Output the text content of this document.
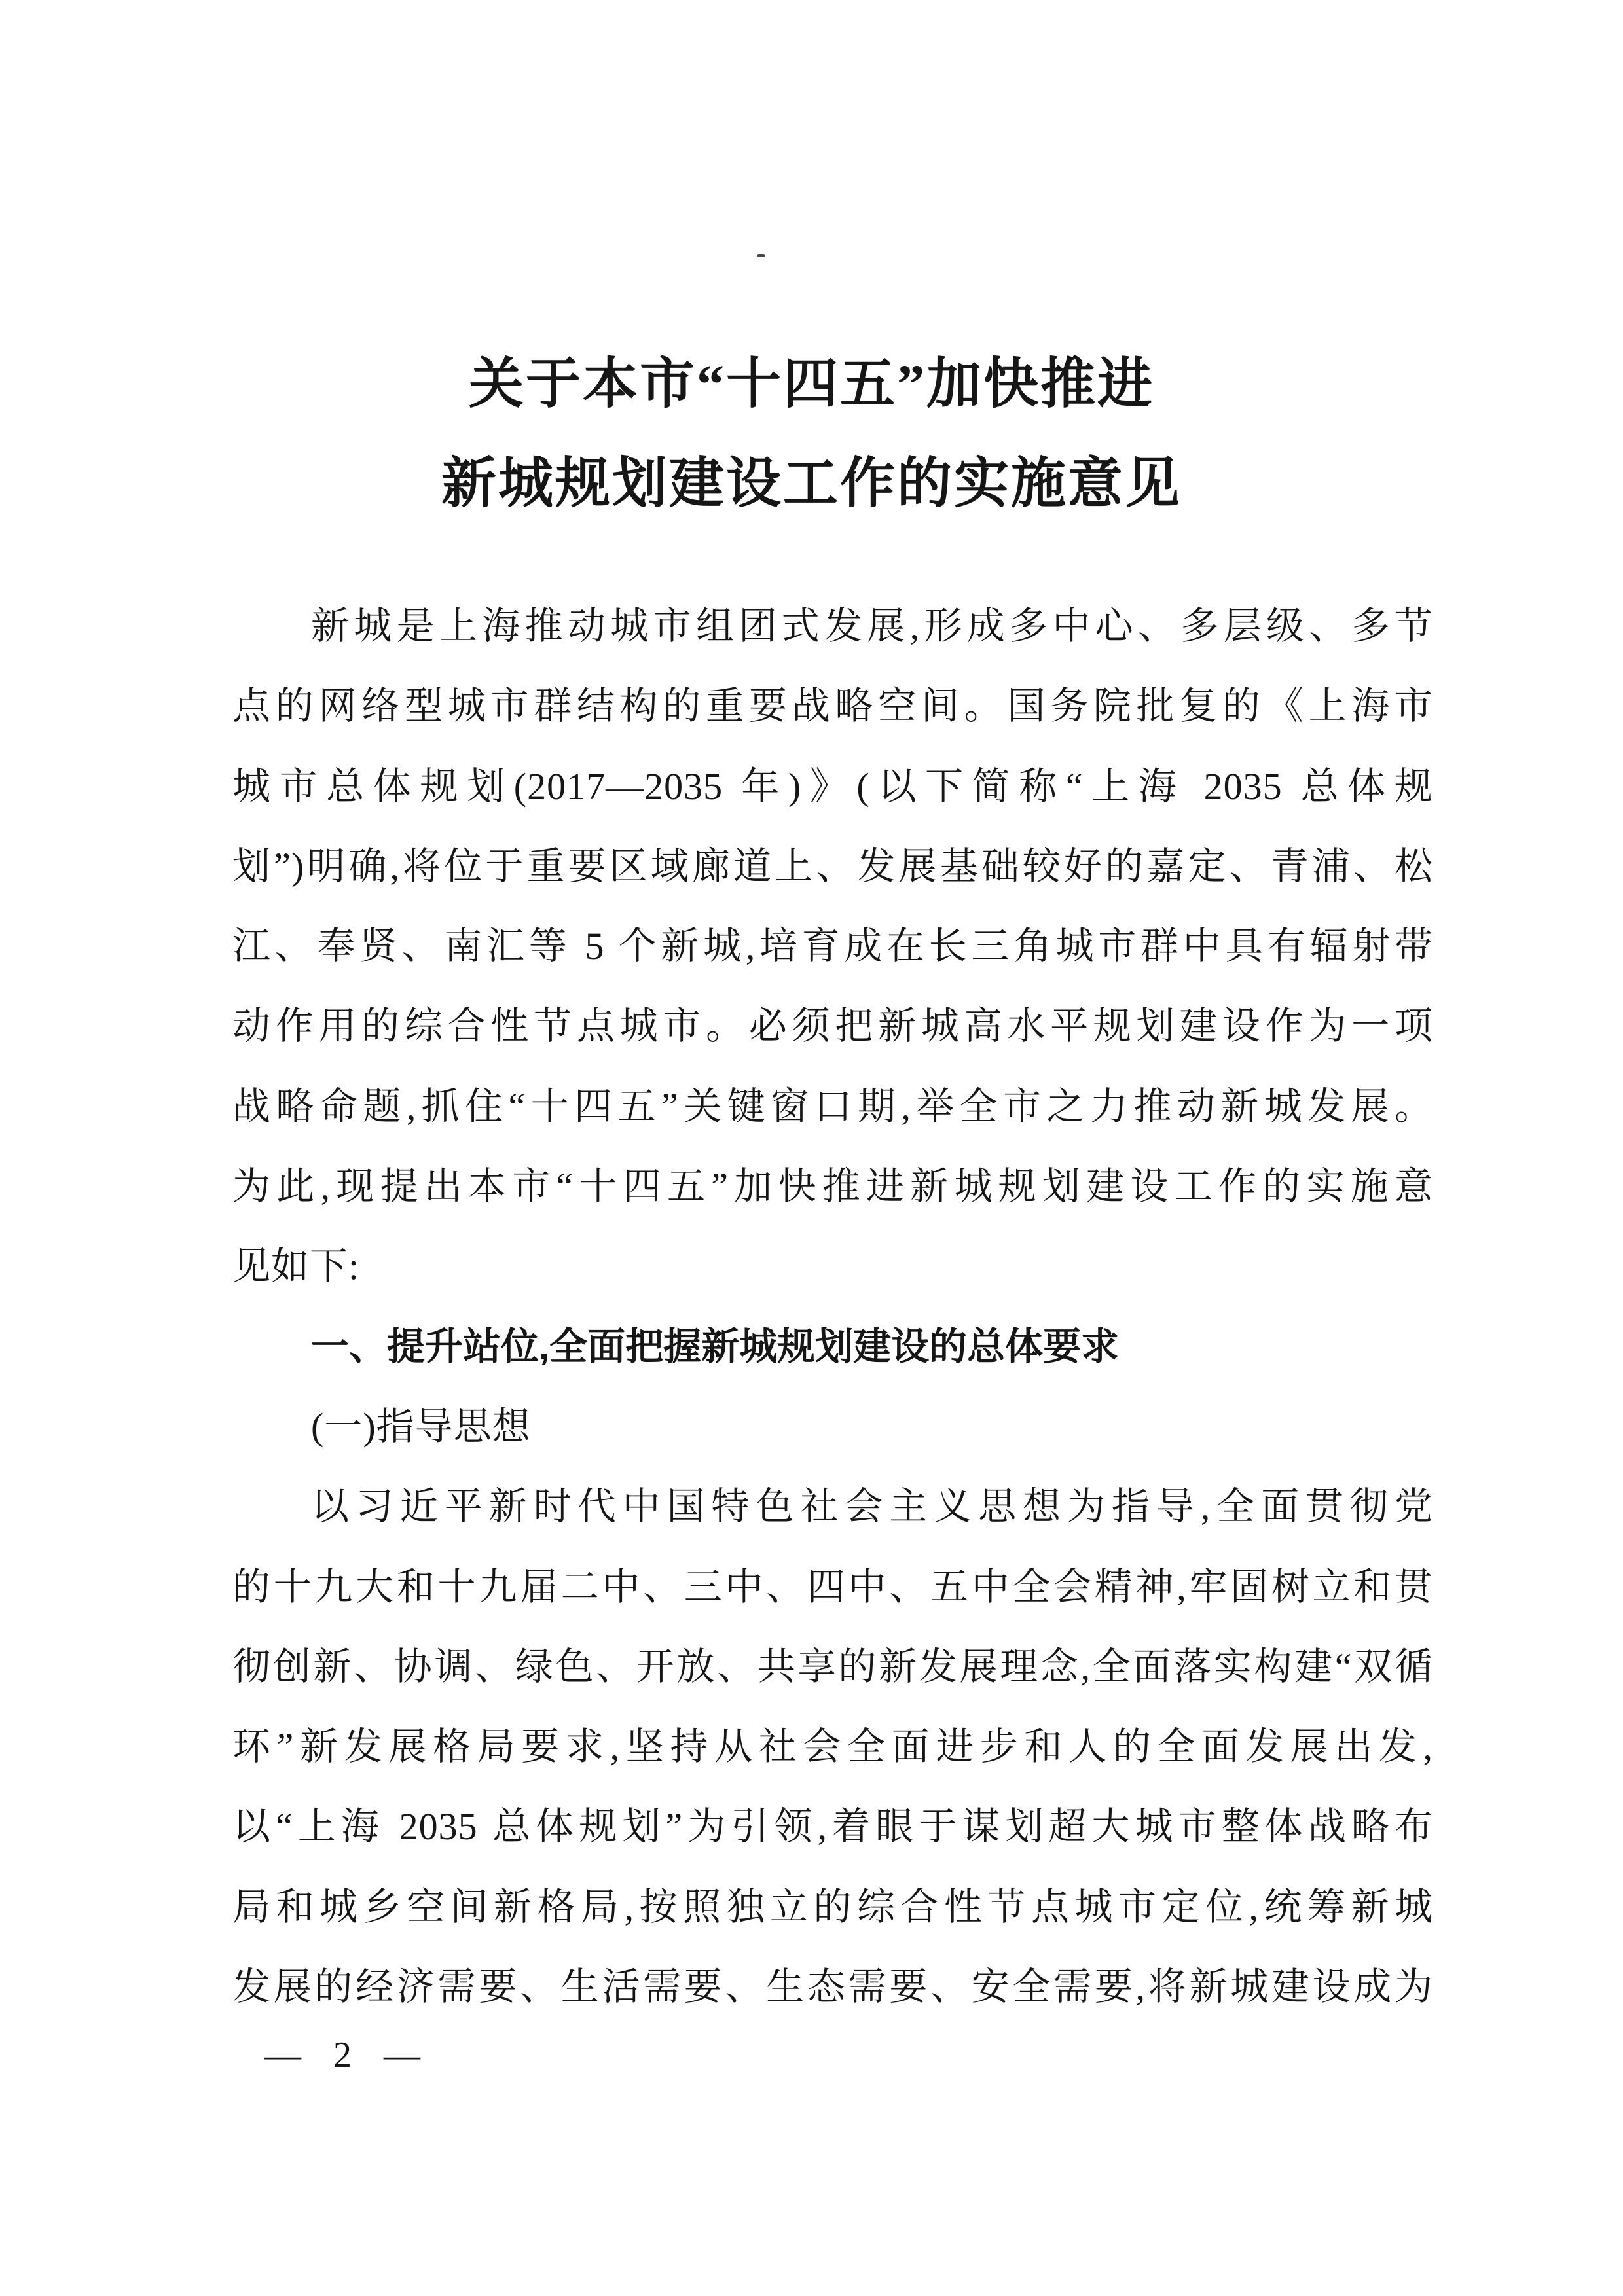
关于本市“十四五”加快推进
新城规划建设工作的实施意见
新城是上海推动城市组团式发展,形成多中心、多层级、多节
点的网络型城市群结构的重要战略空间。国务院批复的《上海市
城市总体规划(2017—2035 年)》(以下简称“上海 2035 总体规
划”)明确,将位于重要区域廊道上、发展基础较好的嘉定、青浦、松
江、奉贤、南汇等 5 个新城,培育成在长三角城市群中具有辐射带
动作用的综合性节点城市。必须把新城高水平规划建设作为一项
战略命题,抓住“十四五”关键窗口期,举全市之力推动新城发展。
为此,现提出本市“十四五”加快推进新城规划建设工作的实施意
见如下:
一、提升站位,全面把握新城规划建设的总体要求
(一)指导思想
以习近平新时代中国特色社会主义思想为指导,全面贯彻党
的十九大和十九届二中、三中、四中、五中全会精神,牢固树立和贯
彻创新、协调、绿色、开放、共享的新发展理念,全面落实构建“双循
环”新发展格局要求,坚持从社会全面进步和人的全面发展出发,
以“上海 2035 总体规划”为引领,着眼于谋划超大城市整体战略布
局和城乡空间新格局,按照独立的综合性节点城市定位,统筹新城
发展的经济需要、生活需要、生态需要、安全需要,将新城建设成为
— 2 —
